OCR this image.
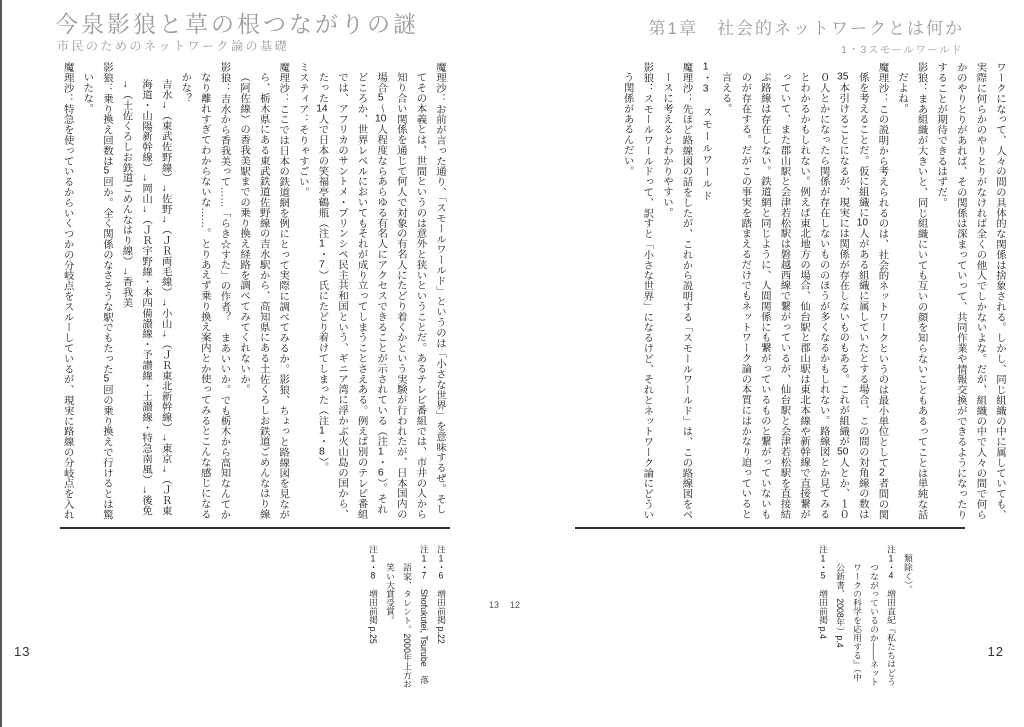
今泉影狼と草の根つながりの謎
市民のためのネットワーク論の基礎

魔理沙：お前が言った通り、「スモールワールド」というのは「小さな世界」を意味するぜ。そしてその本義とは、世間というのは意外と狭いということだ。あるテレビ番組では、市井の人から知り合い関係を通じて何人で対象の有名人にたどり着くかという実験が行われたが、日本国内の場合5～10人程度ならあらゆる有名人にアクセスできることが示されている（注1・6）。それどころか、世界レベルにおいてもそれが成り立ってしまうことさえある。例えば別のテレビ番組では、アフリカのサントメ・プリンシペ民主共和国という、ギニア湾に浮かぶ火山島の国から、たった14人で日本の笑福亭鶴瓶（注1・7）氏にたどり着けてしまった（注1・8）。

ミスティア：そりゃすごい。

魔理沙：ここでは日本の鉄道網を例にとって実際に調べてみるか。影狼、ちょっと路線図を見ながら、栃木県にある東武鉄道佐野線の吉水駅から、高知県にある土佐くろしお鉄道ごめんなはり線（阿佐線）の香我美駅までの乗り換え経路を調べてみてくれないか。

影狼：吉水から香我美って……「らき☆すた」の作者？　まあいいか。でも栃木から高知なんてかなり離れすぎてわからないな……。とりあえず乗り換え案内とか使ってみるとこんな感じになるかな？

吉水→（東武佐野線）→佐野→（ＪＲ両毛線）→小山→（ＪＲ東北新幹線）→東京→（ＪＲ東海道・山陽新幹線）→岡山→（ＪＲ宇野線・本四備讃線・予讃線・土讃線・特急南風）→後免→（土佐くろしお鉄道ごめんなはり線）→香我美

影狼：乗り換え回数は5回か。全く関係のなさそうな駅でもたった5回の乗り換えで行けるとは驚いたな。

魔理沙：特急を使っているからいくつかの分岐点をスルーしているが、現実に路線の分岐点を入れ

注1・6　増田前掲 p.22

注1・7　Shofukutei, Tsurube　落語家、タレント。2000年上方お笑い大賞受賞。

注1・8　増田前掲 p.25

13
第1章　社会的ネットワークとは何か
1・3スモールワールド

ワークになって、人々の間の具体的な関係は捨象される。しかし、同じ組織の中に属していても、実際に何らかのやりとりがなければ全くの他人でしかないよな。だが、組織の中で人々の間で何らかのやりとりがあれば、その関係は深まっていって、共同作業や情報交換ができるようになったりすることが期待できるはずだ。

影狼：まあ組織が大きいと、同じ組織にいても互いの顔を知らないこともあるってことは単純な話だよね。

魔理沙：この説明から考えられるのは、社会的ネットワークというのは最小単位として2者間の関係を考えることだ。仮に組織に10人がある組織に属していたとする場合、この間の対角線の数は35本引けることになるが、現実には関係が存在しないものもある。これが組織が50人とか、１００人とかになったら関係が存在しないもののほうが多くなるかもしれない。路線図とか見てみるとわかるかもしれない。例えば東北地方の場合、仙台駅と郡山駅は東北本線や新幹線で直接繋がっていて、また郡山駅と会津若松駅は磐越西線で繋がっているが、仙台駅と会津若松駅を直接結ぶ路線は存在しない。鉄道網と同じように、人間関係にも繋がっているものと繋がっていないものが存在する。だがこの事実を踏まえるだけでもネットワーク論の本質にはかなり迫っていると言える。

1・3　スモールワールド

魔理沙：先ほど路線図の話をしたが、これから説明する「スモールワールド」は、この路線図をベースに考えるとわかりやすい。

影狼：スモールワールドって、訳すと「小さな世界」になるけど、それとネットワーク論にどういう関係があるんだい。

類除く）。

注1・4　増田直紀『私たちはどうつながっているのか——ネットワークの科学を応用する』（中公新書、2008年）p.4

注1・5　増田前掲 p.4

12
13 12
